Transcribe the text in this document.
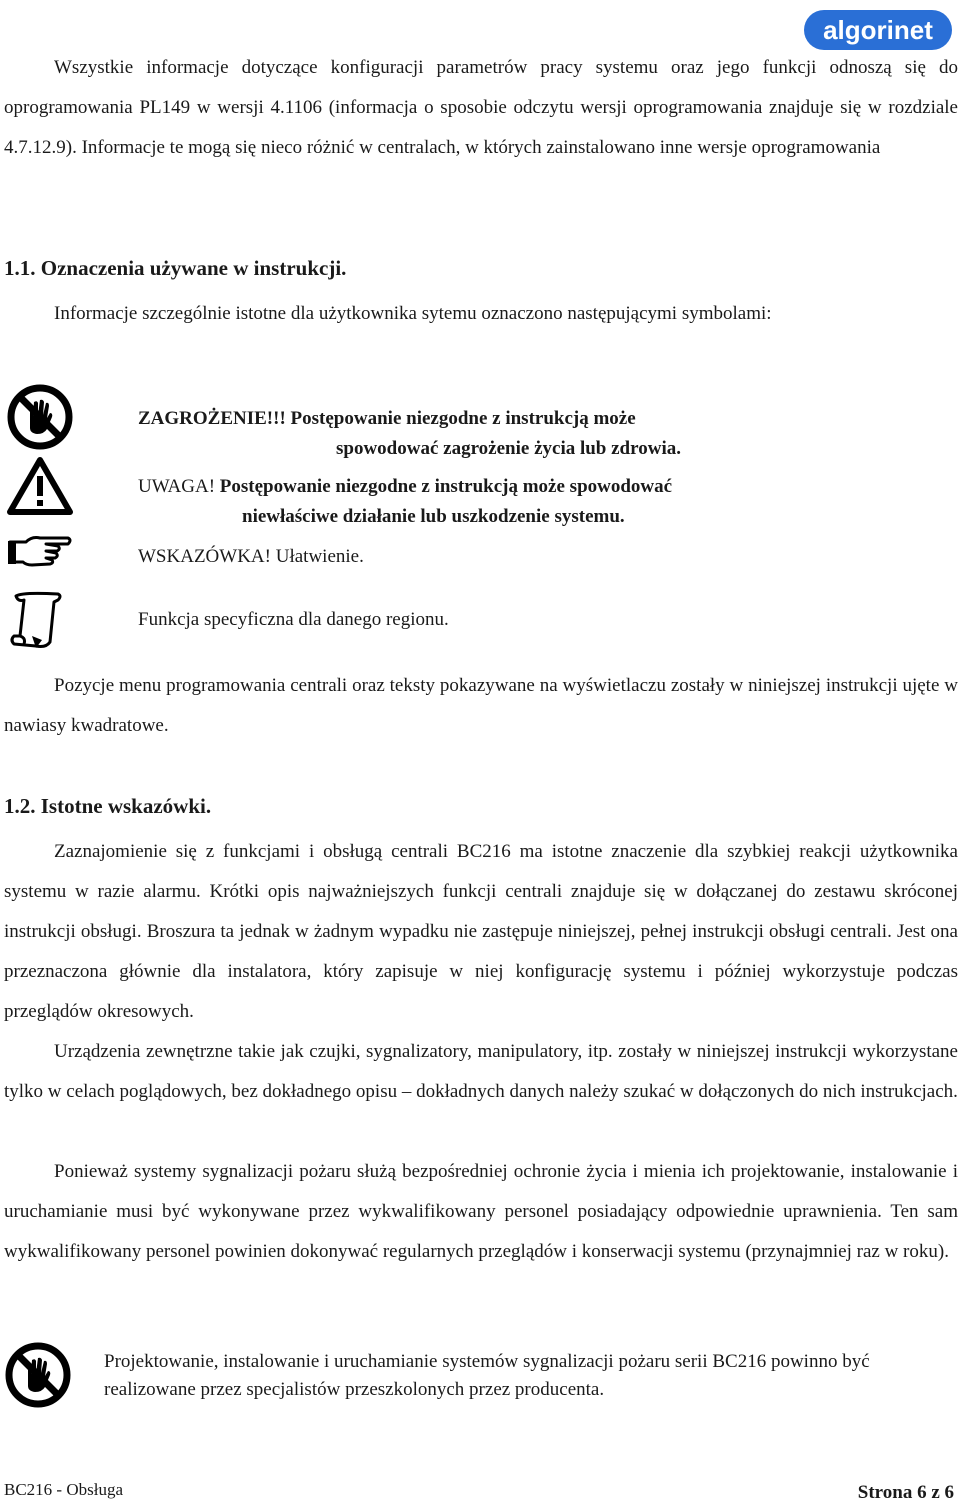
algorinet
Wszystkie informacje dotyczące konfiguracji parametrów pracy systemu oraz jego funkcji odnoszą się do oprogramowania PL149 w wersji 4.1106 (informacja o sposobie odczytu wersji oprogramowania znajduje się w rozdziale 4.7.12.9). Informacje te mogą się nieco różnić w centralach, w których zainstalowano inne wersje oprogramowania
1.1. Oznaczenia używane w instrukcji.
Informacje szczególnie istotne dla użytkownika sytemu oznaczono następującymi symbolami:
ZAGROŻENIE!!! Postępowanie niezgodne z instrukcją może
spowodować zagrożenie życia lub zdrowia.
UWAGA! Postępowanie niezgodne z instrukcją może spowodować
niewłaściwe działanie lub uszkodzenie systemu.
WSKAZÓWKA! Ułatwienie.
Funkcja specyficzna dla danego regionu.
Pozycje menu programowania centrali oraz teksty pokazywane na wyświetlaczu zostały w niniejszej instrukcji ujęte w nawiasy kwadratowe.
1.2. Istotne wskazówki.
Zaznajomienie się z funkcjami i obsługą centrali BC216 ma istotne znaczenie dla szybkiej reakcji użytkownika systemu w razie alarmu. Krótki opis najważniejszych funkcji centrali znajduje się w dołączanej do zestawu skróconej instrukcji obsługi. Broszura ta jednak w żadnym wypadku nie zastępuje niniejszej, pełnej instrukcji obsługi centrali. Jest ona przeznaczona głównie dla instalatora, który zapisuje w niej konfigurację systemu i później wykorzystuje podczas przeglądów okresowych.
Urządzenia zewnętrzne takie jak czujki, sygnalizatory, manipulatory, itp. zostały w niniejszej instrukcji wykorzystane tylko w celach poglądowych, bez dokładnego opisu – dokładnych danych należy szukać w dołączonych do nich instrukcjach.
Ponieważ systemy sygnalizacji pożaru służą bezpośredniej ochronie życia i mienia ich projektowanie, instalowanie i uruchamianie musi być wykonywane przez wykwalifikowany personel posiadający odpowiednie uprawnienia. Ten sam wykwalifikowany personel powinien dokonywać regularnych przeglądów i konserwacji systemu (przynajmniej raz w roku).
Projektowanie, instalowanie i uruchamianie systemów sygnalizacji pożaru serii BC216 powinno być realizowane przez specjalistów przeszkolonych przez producenta.
BC216 - Obsługa	Strona 6 z 6
